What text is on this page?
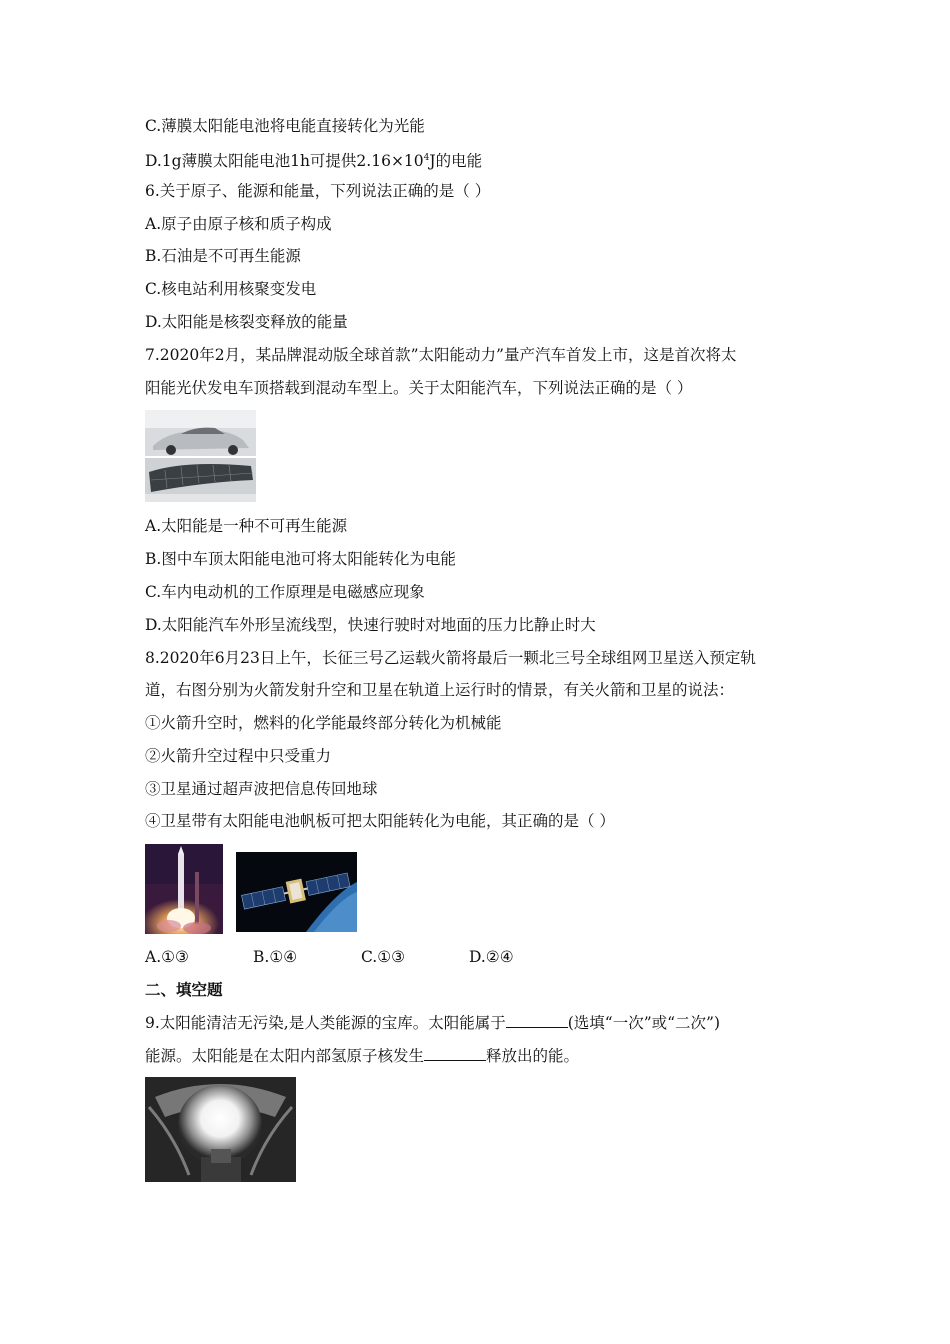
C.薄膜太阳能电池将电能直接转化为光能
D.1g薄膜太阳能电池1h可提供$2.16\times 10^4J$的电能
6.关于原子、能源和能量，下列说法正确的是（ ）
A.原子由原子核和质子构成
B.石油是不可再生能源
C.核电站利用核聚变发电
D.太阳能是核裂变释放的能量
7.2020年2月，某品牌混动版全球首款”太阳能动力”量产汽车首发上市，这是首次将太
阳能光伏发电车顶搭载到混动车型上。关于太阳能汽车，下列说法正确的是（ ）
A.太阳能是一种不可再生能源
B.图中车顶太阳能电池可将太阳能转化为电能
C.车内电动机的工作原理是电磁感应现象
D.太阳能汽车外形呈流线型，快速行驶时对地面的压力比静止时大
8.2020年6月23日上午，长征三号乙运载火箭将最后一颗北三号全球组网卫星送入预定轨
道，右图分别为火箭发射升空和卫星在轨道上运行时的情景，有关火箭和卫星的说法：
①火箭升空时，燃料的化学能最终部分转化为机械能
②火箭升空过程中只受重力
③卫星通过超声波把信息传回地球
④卫星带有太阳能电池帆板可把太阳能转化为电能，其正确的是（ ）
A.①③	B.①④	C.①③	D.②④
二、填空题
9.太阳能清洁无污染,是人类能源的宝库。太阳能属于	(选填“一次”或“二次”)
能源。太阳能是在太阳内部氢原子核发生	释放出的能。
